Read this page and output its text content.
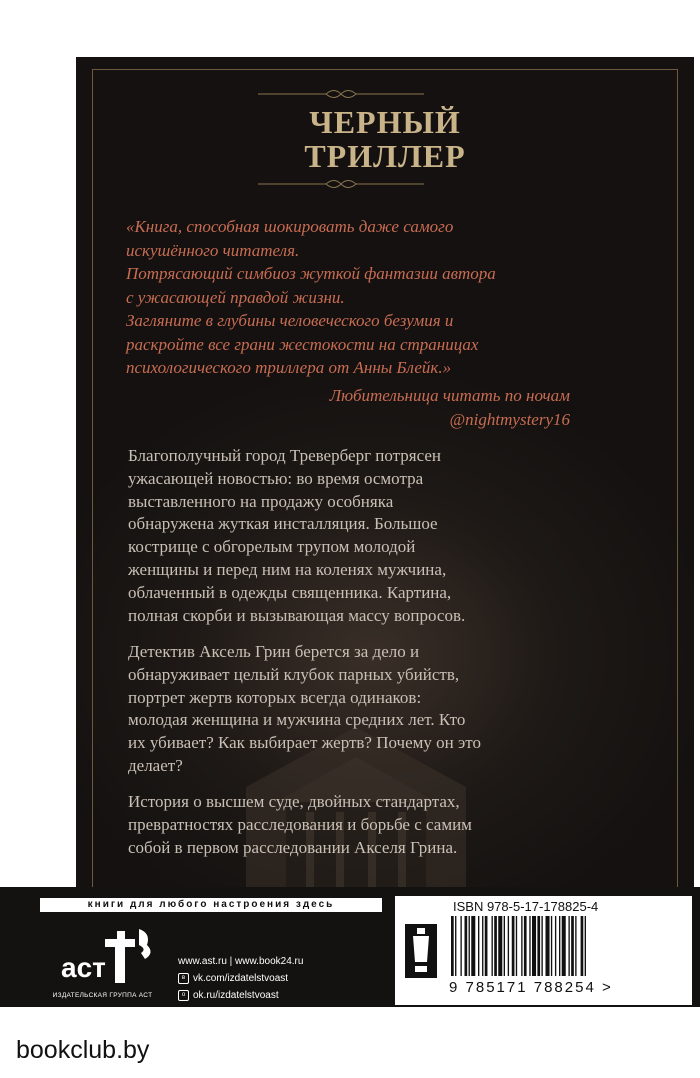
ЧЕРНЫЙ
ТРИЛЛЕР
«Книга, способная шокировать даже самого
искушённого читателя.
Потрясающий симбиоз жуткой фантазии автора
с ужасающей правдой жизни.
Загляните в глубины человеческого безумия и
раскройте все грани жестокости на страницах
психологического триллера от Анны Блейк.»
Любительница читать по ночам
@nightmystery16
Благополучный город Треверберг потрясен
ужасающей новостью: во время осмотра
выставленного на продажу особняка
обнаружена жуткая инсталляция. Большое
кострище с обгорелым трупом молодой
женщины и перед ним на коленях мужчина,
облаченный в одежды священника. Картина,
полная скорби и вызывающая массу вопросов.
Детектив Аксель Грин берется за дело и
обнаруживает целый клубок парных убийств,
портрет жертв которых всегда одинаков:
молодая женщина и мужчина средних лет. Кто
их убивает? Как выбирает жертв? Почему он это
делает?
История о высшем суде, двойных стандартах,
превратностях расследования и борьбе с самим
собой в первом расследовании Акселя Грина.
книги для любого настроения здесь
аст
ИЗДАТЕЛЬСКАЯ ГРУППА АСТ
www.ast.ru | www.book24.ru
в vk.com/izdatelstvoast
о ok.ru/izdatelstvoast
ISBN 978-5-17-178825-4
9 785171 788254 >
bookclub.by
